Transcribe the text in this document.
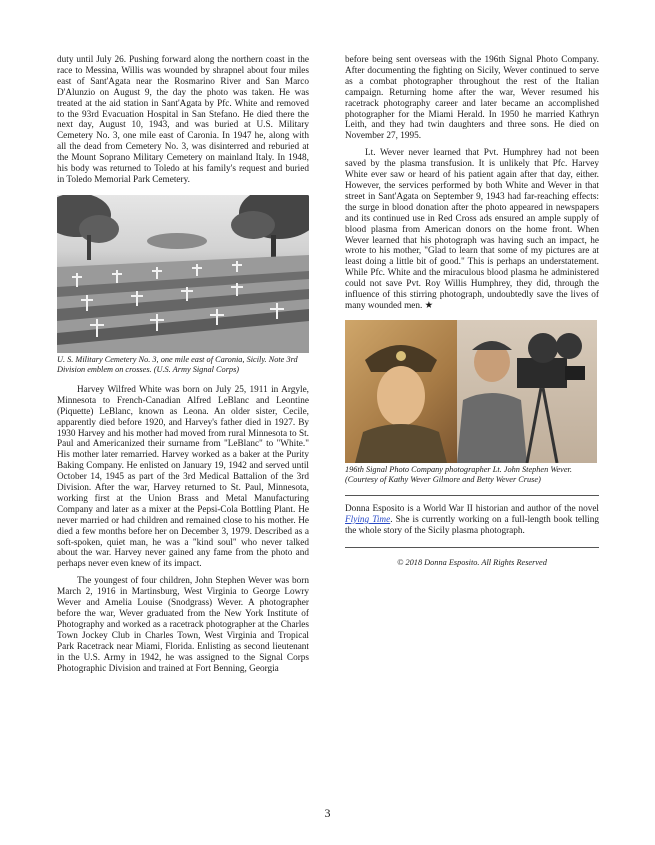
duty until July 26. Pushing forward along the northern coast in the race to Messina, Willis was wounded by shrapnel about four miles east of Sant'Agata near the Rosmarino River and San Marco D'Alunzio on August 9, the day the photo was taken. He was treated at the aid station in Sant'Agata by Pfc. White and removed to the 93rd Evacuation Hospital in San Stefano. He died there the next day, August 10, 1943, and was buried at U.S. Military Cemetery No. 3, one mile east of Caronia. In 1947 he, along with all the dead from Cemetery No. 3, was disinterred and reburied at the Mount Soprano Military Cemetery on mainland Italy. In 1948, his body was returned to Toledo at his family's request and buried in Toledo Memorial Park Cemetery.

U. S. Military Cemetery No. 3, one mile east of Caronia, Sicily. Note 3rd Division emblem on crosses. (U.S. Army Signal Corps)

Harvey Wilfred White was born on July 25, 1911 in Argyle, Minnesota to French-Canadian Alfred LeBlanc and Leontine (Piquette) LeBlanc, known as Leona. An older sister, Cecile, apparently died before 1920, and Harvey's father died in 1927. By 1930 Harvey and his mother had moved from rural Minnesota to St. Paul and Americanized their surname from "LeBlanc" to "White." His mother later remarried. Harvey worked as a baker at the Purity Baking Company. He enlisted on January 19, 1942 and served until October 14, 1945 as part of the 3rd Medical Battalion of the 3rd Division. After the war, Harvey returned to St. Paul, Minnesota, working first at the Union Brass and Metal Manufacturing Company and later as a mixer at the Pepsi-Cola Bottling Plant. He never married or had children and remained close to his mother. He died a few months before her on December 3, 1979. Described as a soft-spoken, quiet man, he was a "kind soul" who never talked about the war. Harvey never gained any fame from the photo and perhaps never even knew of its impact.

The youngest of four children, John Stephen Wever was born March 2, 1916 in Martinsburg, West Virginia to George Lowry Wever and Amelia Louise (Snodgrass) Wever. A photographer before the war, Wever graduated from the New York Institute of Photography and worked as a racetrack photographer at the Charles Town Jockey Club in Charles Town, West Virginia and Tropical Park Racetrack near Miami, Florida. Enlisting as second lieutenant in the U.S. Army in 1942, he was assigned to the Signal Corps Photographic Division and trained at Fort Benning, Georgia

before being sent overseas with the 196th Signal Photo Company. After documenting the fighting on Sicily, Wever continued to serve as a combat photographer throughout the rest of the Italian campaign. Returning home after the war, Wever resumed his racetrack photography career and later became an accomplished photographer for the Miami Herald. In 1950 he married Kathryn Leith, and they had twin daughters and three sons. He died on November 27, 1995.

Lt. Wever never learned that Pvt. Humphrey had not been saved by the plasma transfusion. It is unlikely that Pfc. Harvey White ever saw or heard of his patient again after that day, either. However, the services performed by both White and Wever in that street in Sant'Agata on September 9, 1943 had far-reaching effects: the surge in blood donation after the photo appeared in newspapers and its continued use in Red Cross ads ensured an ample supply of blood plasma from American donors on the home front. When Wever learned that his photograph was having such an impact, he wrote to his mother, "Glad to learn that some of my pictures are at least doing a little bit of good." This is perhaps an understatement. While Pfc. White and the miraculous blood plasma he administered could not save Pvt. Roy Willis Humphrey, they did, through the influence of this stirring photograph, undoubtedly save the lives of many wounded men. ★

196th Signal Photo Company photographer Lt. John Stephen Wever. (Courtesy of Kathy Wever Gilmore and Betty Wever Cruse)

Donna Esposito is a World War II historian and author of the novel Flying Time. She is currently working on a full-length book telling the whole story of the Sicily plasma photograph.

© 2018 Donna Esposito. All Rights Reserved
3
